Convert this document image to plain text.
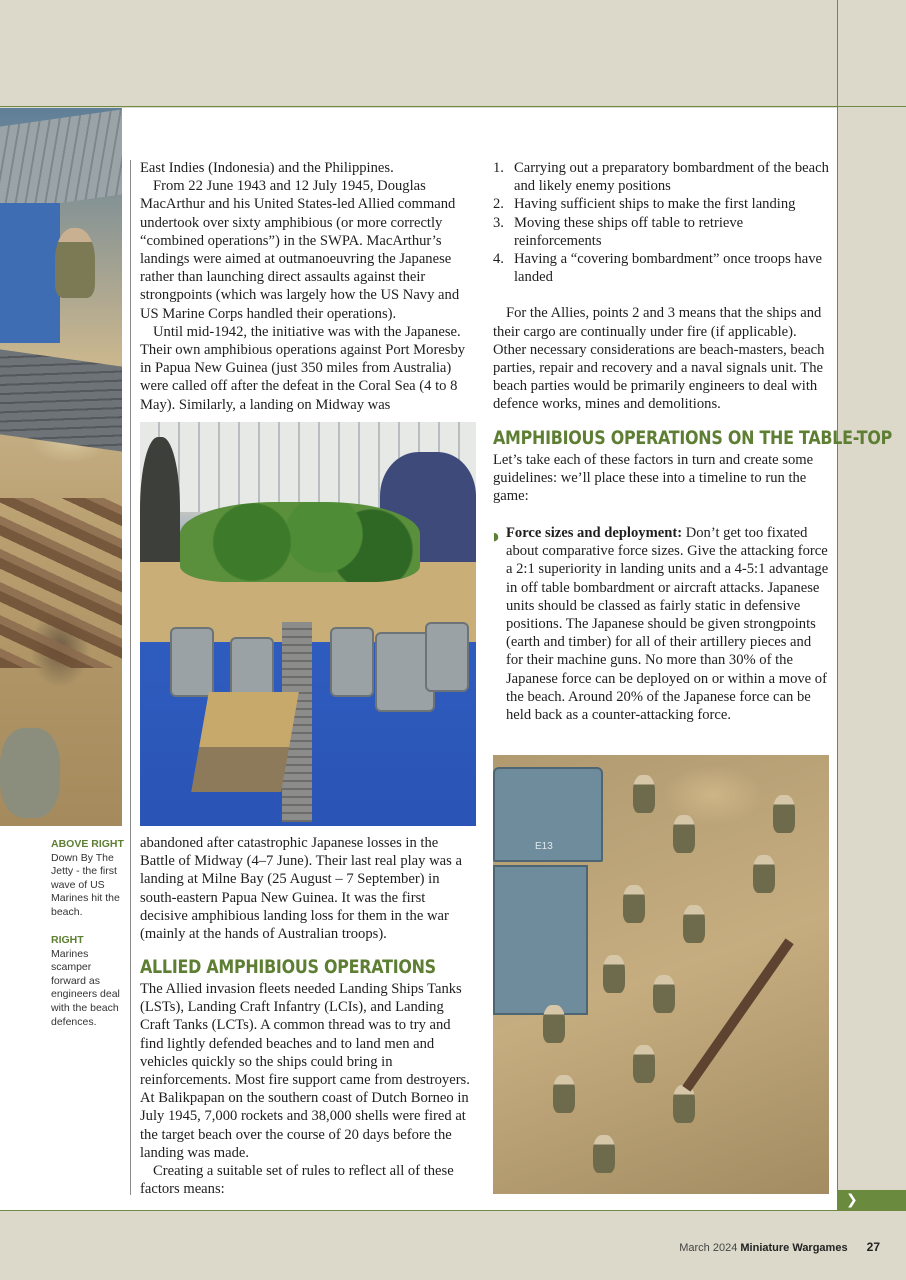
East Indies (Indonesia) and the Philippines.

From 22 June 1943 and 12 July 1945, Douglas MacArthur and his United States-led Allied command undertook over sixty amphibious (or more correctly “combined operations”) in the SWPA. MacArthur’s landings were aimed at outmanoeuvring the Japanese rather than launching direct assaults against their strongpoints (which was largely how the US Navy and US Marine Corps handled their operations).

Until mid-1942, the initiative was with the Japanese. Their own amphibious operations against Port Moresby in Papua New Guinea (just 350 miles from Australia) were called off after the defeat in the Coral Sea (4 to 8 May). Similarly, a landing on Midway was

abandoned after catastrophic Japanese losses in the Battle of Midway (4–7 June). Their last real play was a landing at Milne Bay (25 August – 7 September) in south-eastern Papua New Guinea. It was the first decisive amphibious landing loss for them in the war (mainly at the hands of Australian troops).

ALLIED AMPHIBIOUS OPERATIONS

The Allied invasion fleets needed Landing Ships Tanks (LSTs), Landing Craft Infantry (LCIs), and Landing Craft Tanks (LCTs). A common thread was to try and find lightly defended beaches and to land men and vehicles quickly so the ships could bring in reinforcements. Most fire support came from destroyers. At Balikpapan on the southern coast of Dutch Borneo in July 1945, 7,000 rockets and 38,000 shells were fired at the target beach over the course of 20 days before the landing was made.

Creating a suitable set of rules to reflect all of these factors means:

ABOVE RIGHT
Down By The Jetty - the first wave of US Marines hit the beach.
RIGHT
Marines scamper forward as engineers deal with the beach defences.
1. Carrying out a preparatory bombardment of the beach and likely enemy positions
2. Having sufficient ships to make the first landing
3. Moving these ships off table to retrieve reinforcements
4. Having a “covering bombardment” once troops have landed

For the Allies, points 2 and 3 means that the ships and their cargo are continually under fire (if applicable). Other necessary considerations are beach-masters, beach parties, repair and recovery and a naval signals unit. The beach parties would be primarily engineers to deal with defence works, mines and demolitions.

AMPHIBIOUS OPERATIONS ON THE TABLE-TOP

Let’s take each of these factors in turn and create some guidelines: we’ll place these into a timeline to run the game:

◗ Force sizes and deployment: Don’t get too fixated about comparative force sizes. Give the attacking force a 2:1 superiority in landing units and a 4-5:1 advantage in off table bombardment or aircraft attacks. Japanese units should be classed as fairly static in defensive positions. The Japanese should be given strongpoints (earth and timber) for all of their artillery pieces and for their machine guns. No more than 30% of the Japanese force can be deployed on or within a move of the beach. Around 20% of the Japanese force can be held back as a counter-attacking force.
E13
❯
March 2024 Miniature Wargames 27
